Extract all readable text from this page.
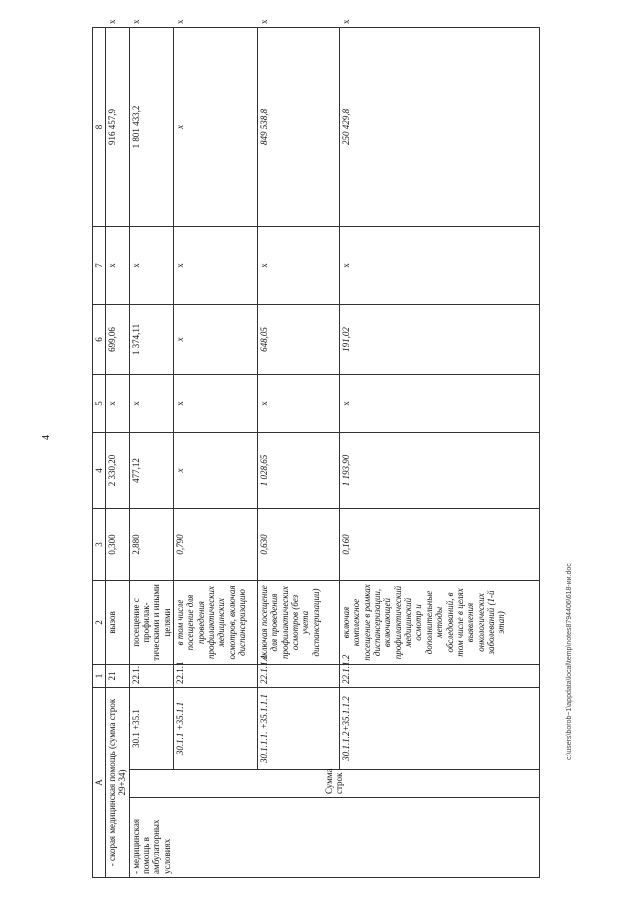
4
А			1	2	3	4	5	6	7	8	
- скорая медицинская помощь (сумма строк 29+34)			21	вызов	0,300	2 330,20	x	699,06	x	916 457,9	x
- медицинская помощь в амбулаторных условиях	Сумма строк	30.1 +35.1	22.1.	посещение с профилак-тическими и иными целями	2,880	477,12	x	1 374,11	x	1 801 433,2	x
		30.1.1 +35.1.1	22.1.1	в том числе посещение для проведения профилактических медицинских осмотров, включая диспансеризацию	0,790	x	x	x	x	x	x
		30.1.1.1. +35.1.1.1	22.1.1.1	включая посещение для проведения профилактических осмотров (без учета диспансеризации)	0,630	1 028,65	x	648,05	x	849 538,8	x
		30.1.1.2+35.1.1.2	22.1.1.2	включая комплексное посещение в рамках диспансеризации, включающей профилактический медицинский осмотр и дополнительные методы обследований, в том числе в целях выявления онкологических заболеваний (1-й этап)	0,160	1 193,90	x	191,02	x	250 429,8	x
c:\users\borob~1\appdata\local\temp\notes8794406\618-ии.doc
